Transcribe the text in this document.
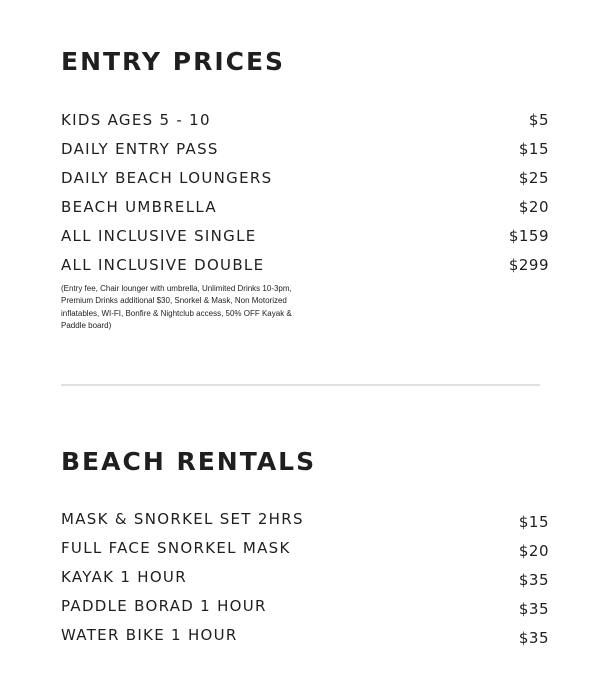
ENTRY PRICES
KIDS AGES 5 - 10	$5
DAILY ENTRY PASS	$15
DAILY BEACH LOUNGERS	$25
BEACH UMBRELLA	$20
ALL INCLUSIVE SINGLE	$159
ALL INCLUSIVE DOUBLE	$299

(Entry fee, Chair lounger with umbrella, Unlimited Drinks 10-3pm, Premium Drinks additional $30, Snorkel & Mask, Non Motorized inflatables, WI-FI, Bonfire & Nightclub access, 50% OFF Kayak & Paddle board)

BEACH RENTALS
MASK & SNORKEL SET 2HRS	$15
FULL FACE SNORKEL MASK	$20
KAYAK 1 HOUR	$35
PADDLE BORAD 1 HOUR	$35
WATER BIKE 1 HOUR	$35
